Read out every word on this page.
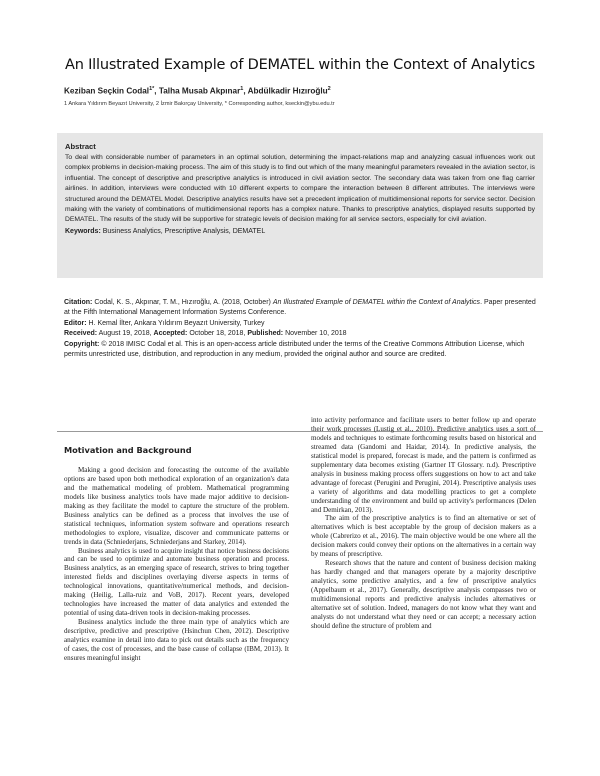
An Illustrated Example of DEMATEL within the Context of Analytics
Keziban Seçkin Codal$^{1*}$, Talha Musab Akpınar$^1$, Abdülkadir Hızıroğlu$^2$
1 Ankara Yıldırım Beyazıt University, 2 İzmir Bakırçay University, * Corresponding author, kseckin@ybu.edu.tr
Abstract
To deal with considerable number of parameters in an optimal solution, determining the impact-relations map and analyzing casual influences work out complex problems in decision-making process. The aim of this study is to find out which of the many meaningful parameters revealed in the aviation sector, is influential. The concept of descriptive and prescriptive analytics is introduced in civil aviation sector. The secondary data was taken from one flag carrier airlines. In addition, interviews were conducted with 10 different experts to compare the interaction between 8 different attributes. The interviews were structured around the DEMATEL Model. Descriptive analytics results have set a precedent implication of multidimensional reports for service sector. Decision making with the variety of combinations of multidimensional reports has a complex nature. Thanks to prescriptive analytics, displayed results supported by DEMATEL. The results of the study will be supportive for strategic levels of decision making for all service sectors, especially for civil aviation.
Keywords: Business Analytics, Prescriptive Analysis, DEMATEL

Citation: Codal, K. S., Akpınar, T. M., Hızıroğlu, A. (2018, October) An Illustrated Example of DEMATEL within the Context of Analytics. Paper presented at the Fifth International Management Information Systems Conference.

Editor: H. Kemal İlter, Ankara Yıldırım Beyazıt University, Turkey

Received: August 19, 2018, Accepted: October 18, 2018, Published: November 10, 2018

Copyright: © 2018 IMISC Codal et al. This is an open-access article distributed under the terms of the Creative Commons Attribution License, which permits unrestricted use, distribution, and reproduction in any medium, provided the original author and source are credited.

Motivation and Background

Making a good decision and forecasting the outcome of the available options are based upon both methodical exploration of an organization's data and the mathematical modeling of problem. Mathematical programming models like business analytics tools have made major additive to decision-making as they facilitate the model to capture the structure of the problem. Business analytics can be defined as a process that involves the use of statistical techniques, information system software and operations research methodologies to explore, visualize, discover and communicate patterns or trends in data (Schniederjans, Schniederjans and Starkey, 2014).

Business analytics is used to acquire insight that notice business decisions and can be used to optimize and automate business operation and process. Business analytics, as an emerging space of research, strives to bring together interested fields and disciplines overlaying diverse aspects in terms of technological innovations, quantitative/numerical methods, and decision-making (Heilig, Lalla-ruiz and VoB, 2017). Recent years, developed technologies have increased the matter of data analytics and extended the potential of using data-driven tools in decision-making processes.

Business analytics include the three main type of analytics which are descriptive, predictive and prescriptive (Hsinchun Chen, 2012). Descriptive analytics examine in detail into data to pick out details such as the frequency of cases, the cost of processes, and the base cause of collapse (IBM, 2013). It ensures meaningful insight

into activity performance and facilitate users to better follow up and operate their work processes (Lustig et al., 2010). Predictive analytics uses a sort of models and techniques to estimate forthcoming results based on historical and streamed data (Gandomi and Haidar, 2014). In predictive analysis, the statistical model is prepared, forecast is made, and the pattern is confirmed as supplementary data becomes existing (Gartner IT Glossary. n.d). Prescriptive analysis in business making process offers suggestions on how to act and take advantage of forecast (Perugini and Perugini, 2014). Prescriptive analysis uses a variety of algorithms and data modelling practices to get a complete understanding of the environment and build up activity's performances (Delen and Demirkan, 2013).

The aim of the prescriptive analytics is to find an alternative or set of alternatives which is best acceptable by the group of decision makers as a whole (Cabrerizo et al., 2016). The main objective would be one where all the decision makers could convey their options on the alternatives in a certain way by means of prescriptive.

Research shows that the nature and content of business decision making has hardly changed and that managers operate by a majority descriptive analytics, some predictive analytics, and a few of prescriptive analytics (Appelbaum et al., 2017). Generally, descriptive analysis compasses two or multidimensional reports and predictive analysis includes alternatives or alternative set of solution. Indeed, managers do not know what they want and analysts do not understand what they need or can accept; a necessary action should define the structure of problem and
